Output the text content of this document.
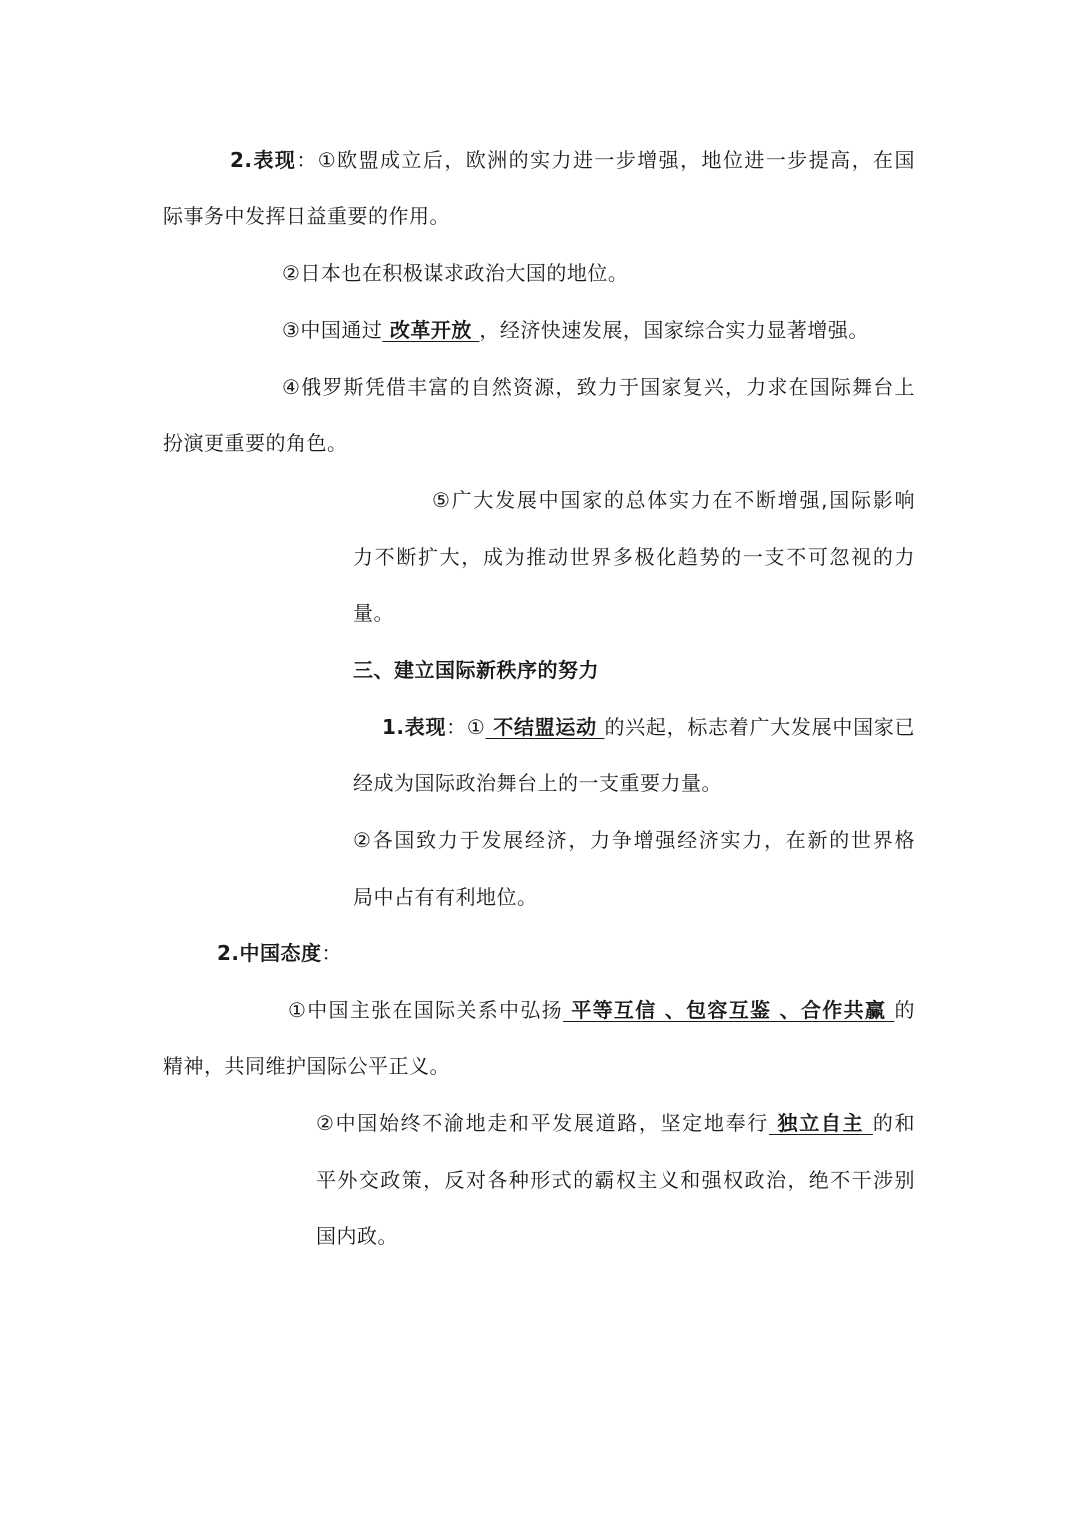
2.表现：①欧盟成立后，欧洲的实力进一步增强，地位进一步提高，在国
际事务中发挥日益重要的作用。
②日本也在积极谋求政治大国的地位。
③中国通过 改革开放 ，经济快速发展，国家综合实力显著增强。
④俄罗斯凭借丰富的自然资源，致力于国家复兴，力求在国际舞台上
扮演更重要的角色。
⑤广大发展中国家的总体实力在不断增强,国际影响
力不断扩大，成为推动世界多极化趋势的一支不可忽视的力
量。
三、建立国际新秩序的努力
1.表现：① 不结盟运动 的兴起，标志着广大发展中国家已
经成为国际政治舞台上的一支重要力量。
②各国致力于发展经济，力争增强经济实力，在新的世界格
局中占有有利地位。
2.中国态度：
①中国主张在国际关系中弘扬 平等互信 、包容互鉴 、合作共赢 的
精神，共同维护国际公平正义。
②中国始终不渝地走和平发展道路，坚定地奉行 独立自主 的和
平外交政策，反对各种形式的霸权主义和强权政治，绝不干涉别
国内政。
